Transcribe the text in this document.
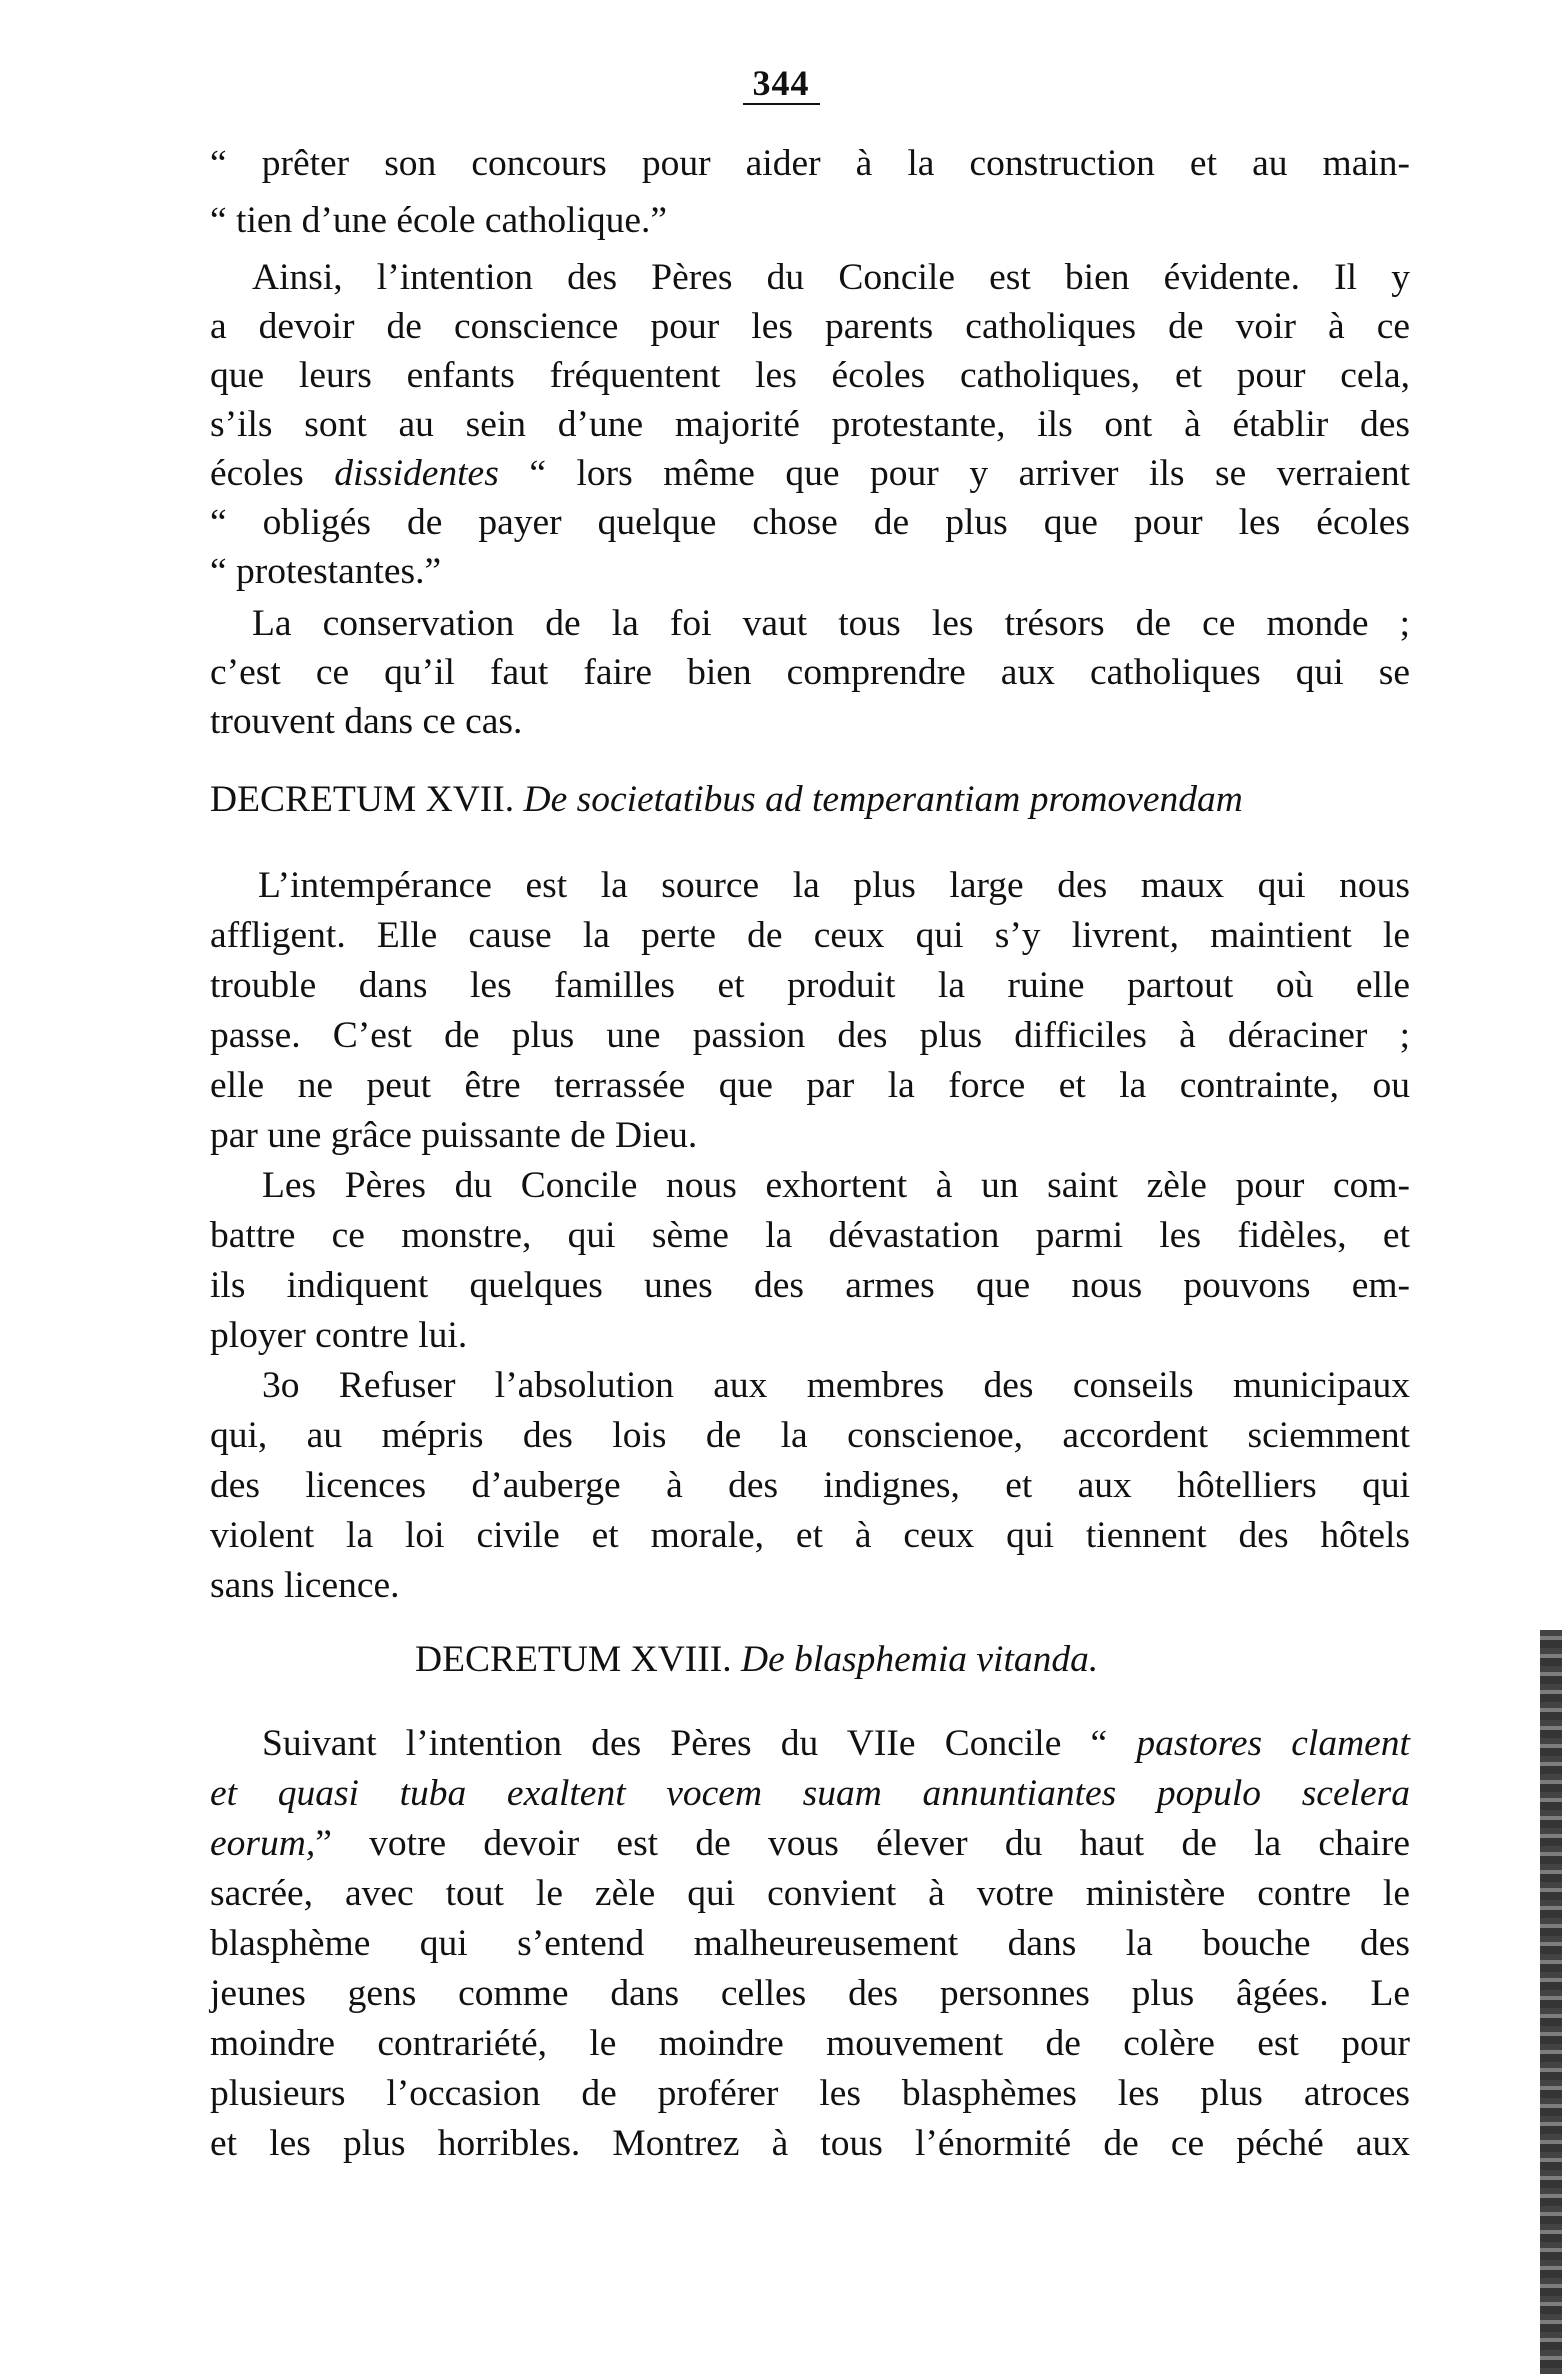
344
“ prêter son concours pour aider à la construction et au main-
“ tien d’une école catholique.”
Ainsi, l’intention des Pères du Concile est bien évidente. Il y
a devoir de conscience pour les parents catholiques de voir à ce
que leurs enfants fréquentent les écoles catholiques, et pour cela,
s’ils sont au sein d’une majorité protestante, ils ont à établir des
écoles dissidentes “ lors même que pour y arriver ils se verraient
“ obligés de payer quelque chose de plus que pour les écoles
“ protestantes.”
La conservation de la foi vaut tous les trésors de ce monde ;
c’est ce qu’il faut faire bien comprendre aux catholiques qui se
trouvent dans ce cas.
DECRETUM XVII. De societatibus ad temperantiam promovendam
L’intempérance est la source la plus large des maux qui nous
affligent. Elle cause la perte de ceux qui s’y livrent, maintient le
trouble dans les familles et produit la ruine partout où elle
passe. C’est de plus une passion des plus difficiles à déraciner ;
elle ne peut être terrassée que par la force et la contrainte, ou
par une grâce puissante de Dieu.
Les Pères du Concile nous exhortent à un saint zèle pour com-
battre ce monstre, qui sème la dévastation parmi les fidèles, et
ils indiquent quelques unes des armes que nous pouvons em-
ployer contre lui.
3o Refuser l’absolution aux membres des conseils municipaux
qui, au mépris des lois de la conscienoe, accordent sciemment
des licences d’auberge à des indignes, et aux hôtelliers qui
violent la loi civile et morale, et à ceux qui tiennent des hôtels
sans licence.
DECRETUM XVIII. De blasphemia vitanda.
Suivant l’intention des Pères du VIIe Concile “ pastores clament
et quasi tuba exaltent vocem suam annuntiantes populo scelera
eorum,” votre devoir est de vous élever du haut de la chaire
sacrée, avec tout le zèle qui convient à votre ministère contre le
blasphème qui s’entend malheureusement dans la bouche des
jeunes gens comme dans celles des personnes plus âgées. Le
moindre contrariété, le moindre mouvement de colère est pour
plusieurs l’occasion de proférer les blasphèmes les plus atroces
et les plus horribles. Montrez à tous l’énormité de ce péché aux
